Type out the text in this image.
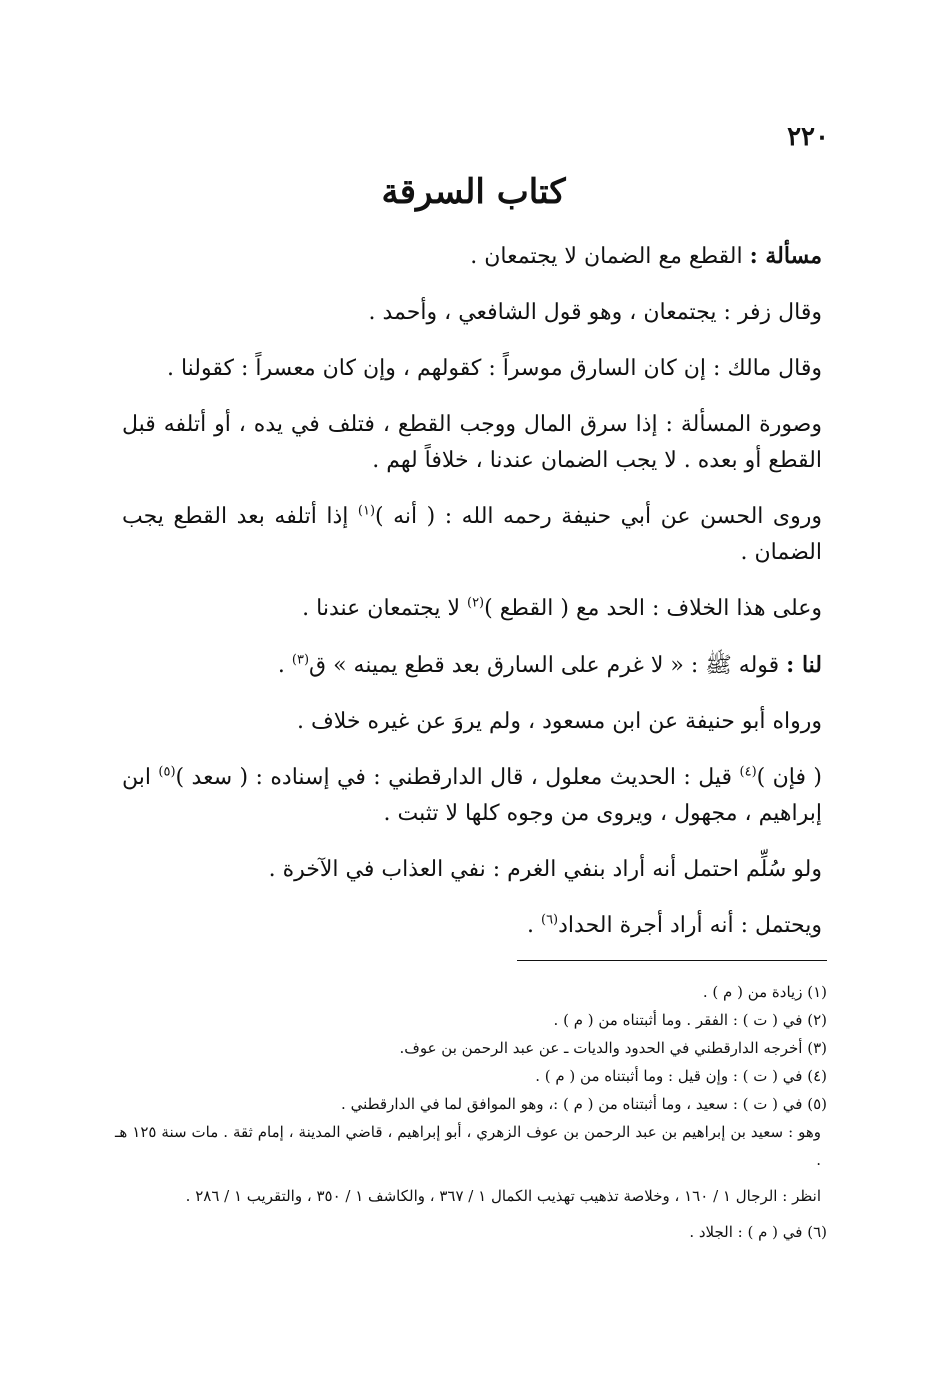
٢٢٠
كتاب السرقة

مسألة : القطع مع الضمان لا يجتمعان .

وقال زفر : يجتمعان ، وهو قول الشافعي ، وأحمد .

وقال مالك : إن كان السارق موسراً : كقولهم ، وإن كان معسراً : كقولنا .

وصورة المسألة : إذا سرق المال ووجب القطع ، فتلف في يده ، أو أتلفه قبل القطع أو بعده . لا يجب الضمان عندنا ، خلافاً لهم .

وروى الحسن عن أبي حنيفة رحمه الله : ( أنه )$^{(١)}$ إذا أتلفه بعد القطع يجب الضمان .

وعلى هذا الخلاف : الحد مع ( القطع )$^{(٢)}$ لا يجتمعان عندنا .

لنا : قوله ﷺ : « لا غرم على السارق بعد قطع يمينه » ق$^{(٣)}$ .

ورواه أبو حنيفة عن ابن مسعود ، ولم يروَ عن غيره خلاف .

( فإن )$^{(٤)}$ قيل : الحديث معلول ، قال الدارقطني : في إسناده : ( سعد )$^{(٥)}$ ابن إبراهيم ، مجهول ، ويروى من وجوه كلها لا تثبت .

ولو سُلِّم احتمل أنه أراد بنفي الغرم : نفي العذاب في الآخرة .

ويحتمل : أنه أراد أجرة الحداد$^{(٦)}$ .

(١) زيادة من ( م ) .

(٢) في ( ت ) : الفقر . وما أثبتناه من ( م ) .

(٣) أخرجه الدارقطني في الحدود والديات ـ عن عبد الرحمن بن عوف.

(٤) في ( ت ) : وإن قيل : وما أثبتناه من ( م ) .

(٥) في ( ت ) : سعيد ، وما أثبتناه من ( م ) :، وهو الموافق لما في الدارقطني .

وهو : سعيد بن إبراهيم بن عبد الرحمن بن عوف الزهري ، أبو إبراهيم ، قاضي المدينة ، إمام ثقة . مات سنة ١٢٥ هـ .

انظر : الرجال ١ / ١٦٠ ، وخلاصة تذهيب تهذيب الكمال ١ / ٣٦٧ ، والكاشف ١ / ٣٥٠ ، والتقريب ١ / ٢٨٦ .

(٦) في ( م ) : الجلاد .
